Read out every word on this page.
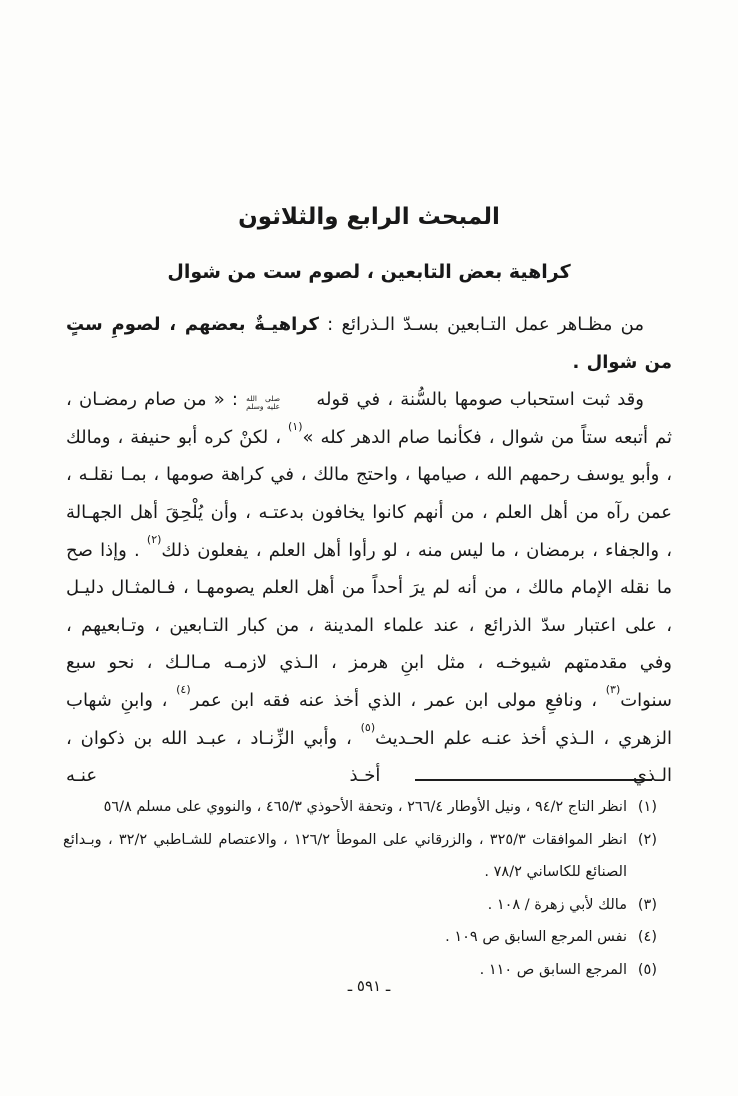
المبحث الرابع والثلاثون
كراهية بعض التابعين ، لصوم ست من شوال

من مظـاهر عمل التـابعين بسـدّ الـذرائع : كراهيـةٌ بعضهم ، لصومِ ستٍ من شوال .

وقد ثبت استحباب صومها بالسُّنة ، في قوله
صلى الله
عليه وسلم
: « من صام رمضـان ، ثم أتبعه ستاً من شوال ، فكأنما صام الدهر كله »$^{(١)}$ ، لكنْ كره أبو حنيفة ، ومالك ، وأبو يوسف رحمهم الله ، صيامها ، واحتج مالك ، في كراهة صومها ، بمـا نقلـه ، عمن رآه من أهل العلم ، من أنهم كانوا يخافون بدعتـه ، وأن يُلْحِقَ أهل الجهـالة ، والجفاء ، برمضان ، ما ليس منه ، لو رأوا أهل العلم ، يفعلون ذلك$^{(٢)}$ . وإذا صح ما نقله الإمام مالك ، من أنه لم يرَ أحداً من أهل العلم يصومهـا ، فـالمثـال دليـل ، على اعتبار سدّ الذرائع ، عند علماء المدينة ، من كبار التـابعين ، وتـابعيهم ، وفي مقدمتهم شيوخـه ، مثل ابنِ هرمز ، الـذي لازمـه مـالـك ، نحو سبع سنوات$^{(٣)}$ ، ونافعِ مولى ابن عمر ، الذي أخذ عنه فقه ابن عمر$^{(٤)}$ ، وابنِ شهاب الزهري ، الـذي أخذ عنـه علم الحـديث$^{(٥)}$ ، وأبي الزِّنـاد ، عبـد الله بن ذكوان ، الـذي أخـذ عنـه

(١)
انظر التاج ٩٤/٢ ، ونيل الأوطار ٢٦٦/٤ ، وتحفة الأحوذي ٤٦٥/٣ ، والنووي على مسلم ٥٦/٨
(٢)
انظر الموافقات ٣٢٥/٣ ، والزرقاني على الموطأ ١٢٦/٢ ، والاعتصام للشـاطبي ٣٢/٢ ، وبـدائع الصنائع للكاساني ٧٨/٢ .
(٣)
مالك لأبي زهرة / ١٠٨ .
(٤)
نفس المرجع السابق ص ١٠٩ .
(٥)
المرجع السابق ص ١١٠ .
ـ ٥٩١ ـ
